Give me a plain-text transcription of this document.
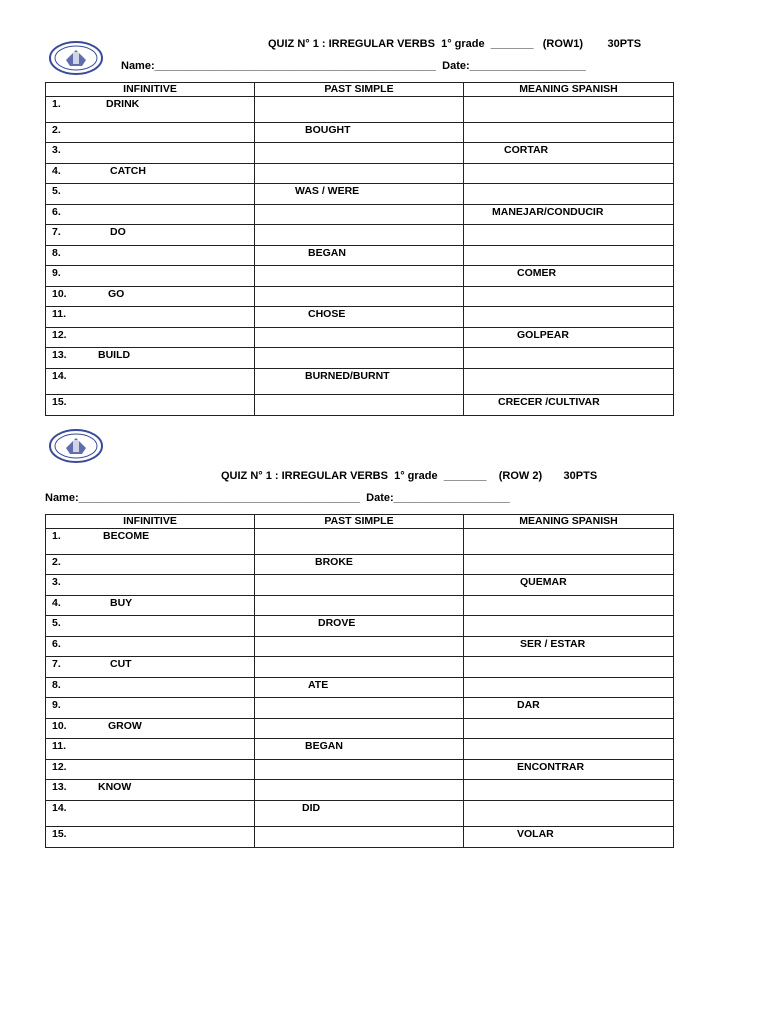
QUIZ N° 1 : IRREGULAR VERBS  1° grade  _______   (ROW1)        30PTS
Name:______________________________________________  Date:___________________
INFINITIVE	PAST SIMPLE	MEANING SPANISH

1. DRINK		

2.	BOUGHT	

3.		CORTAR

4. CATCH		

5.	WAS / WERE	

6.		MANEJAR/CONDUCIR

7. DO		

8.	BEGAN	

9.		COMER

10. GO		

11.	CHOSE	

12.		GOLPEAR

13. BUILD		

14.	BURNED/BURNT	

15.		CRECER /CULTIVAR
QUIZ N° 1 : IRREGULAR VERBS  1° grade  _______    (ROW 2)       30PTS
Name:______________________________________________  Date:___________________
INFINITIVE	PAST SIMPLE	MEANING SPANISH

1. BECOME		

2.	BROKE	

3.		QUEMAR

4. BUY		

5.	DROVE	

6.		SER / ESTAR

7. CUT		

8.	ATE	

9.		DAR

10. GROW		

11.	BEGAN	

12.		ENCONTRAR

13. KNOW		

14.	DID	

15.		VOLAR
